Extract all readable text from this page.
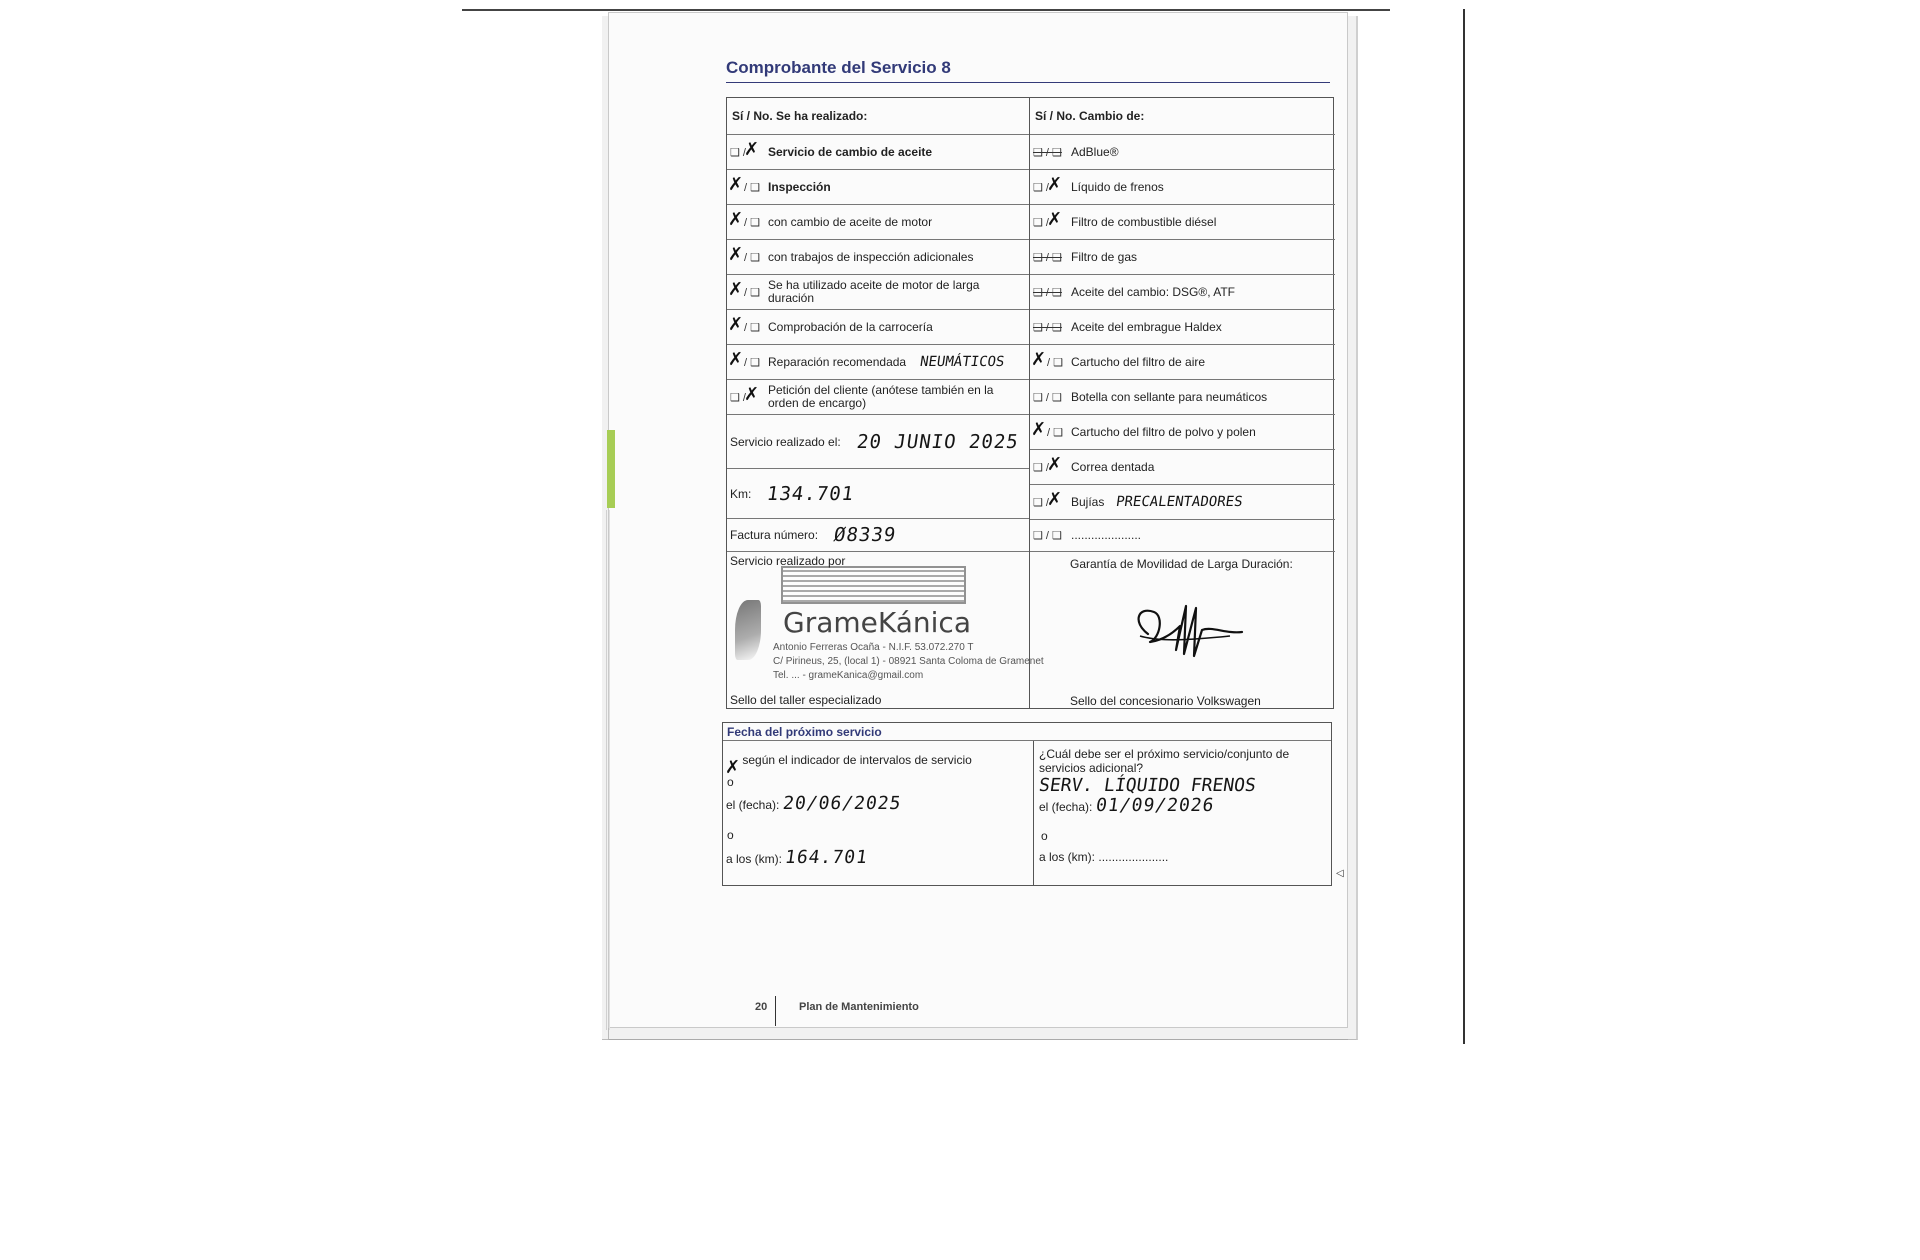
Comprobante del Servicio 8
Sí / No. Se ha realizado:	Sí / No. Cambio de:
❑ /
✗ Servicio de cambio de aceite
✗ / ❑ Inspección
✗ / ❑ con cambio de aceite de motor
✗ / ❑ con trabajos de inspección adicionales
✗ / ❑
Se ha utilizado aceite de motor de larga duración
✗ / ❑ Comprobación de la carrocería
✗ / ❑ Reparación recomendada NEUMÁTICOS
❑ /
✗ Petición del cliente (anótese también en la orden de encargo)
Servicio realizado el: 20 JUNIO 2025
Km: 134.701
Factura número: Ø8339
❑ / ❑ AdBlue®
❑ /
✗ Líquido de frenos
❑ /
✗ Filtro de combustible diésel
❑ / ❑ Filtro de gas
❑ / ❑ Aceite del cambio: DSG®, ATF
❑ / ❑ Aceite del embrague Haldex
✗ / ❑ Cartucho del filtro de aire
❑ / ❑ Botella con sellante para neumáticos
✗ / ❑ Cartucho del filtro de polvo y polen
❑ /
✗ Correa dentada
❑ /
✗ Bujías PRECALENTADORES
❑ / ❑ .....................
GrameKánica
Antonio Ferreras Ocaña - N.I.F. 53.072.270 T
C/ Pirineus, 25, (local 1) - 08921 Santa Coloma de Gramenet
Tel. ... - grameKanica@gmail.com
Servicio realizado por
Sello del taller especializado
Garantía de Movilidad de Larga Duración:
Sello del concesionario Volkswagen
Fecha del próximo servicio
✗ según el indicador de intervalos de servicio
o
el (fecha): 20/06/2025
o
a los (km): 164.701
¿Cuál debe ser el próximo servicio/conjunto de servicios adicional?
SERV. LÍQUIDO FRENOS
el (fecha): 01/09/2026
o
a los (km): .....................
◁
20	Plan de Mantenimiento
